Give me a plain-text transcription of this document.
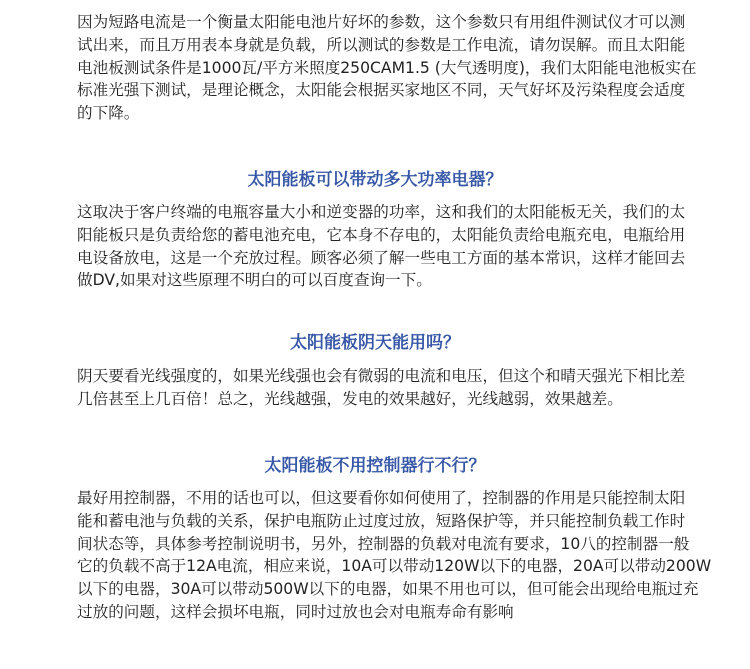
因为短路电流是一个衡量太阳能电池片好坏的参数，这个参数只有用组件测试仪才可以测
试出来，而且万用表本身就是负载，所以测试的参数是工作电流，请勿误解。而且太阳能
电池板测试条件是1000瓦/平方米照度250CAM1.5 (大气透明度)，我们太阳能电池板实在
标准光强下测试，是理论概念，太阳能会根据买家地区不同，天气好坏及污染程度会适度
的下降。
太阳能板可以带动多大功率电器？
这取决于客户终端的电瓶容量大小和逆变器的功率，这和我们的太阳能板无关，我们的太
阳能板只是负责给您的蓄电池充电，它本身不存电的，太阳能负责给电瓶充电，电瓶给用
电设备放电，这是一个充放过程。顾客必须了解一些电工方面的基本常识，这样才能回去
做DV,如果对这些原理不明白的可以百度查询一下。
太阳能板阴天能用吗？
阴天要看光线强度的，如果光线强也会有微弱的电流和电压，但这个和晴天强光下相比差
几倍甚至上几百倍！总之，光线越强，发电的效果越好，光线越弱，效果越差。
太阳能板不用控制器行不行？
最好用控制器，不用的话也可以，但这要看你如何使用了，控制器的作用是只能控制太阳
能和蓄电池与负载的关系，保护电瓶防止过度过放，短路保护等，并只能控制负载工作时
间状态等，具体参考控制说明书，另外，控制器的负载对电流有要求，10八的控制器一般
它的负载不高于12A电流，相应来说，10A可以带动120W以下的电器，20A可以带动200W
以下的电器，30A可以带动500W以下的电器，如果不用也可以，但可能会出现给电瓶过充
过放的问题，这样会损坏电瓶，同时过放也会对电瓶寿命有影响
